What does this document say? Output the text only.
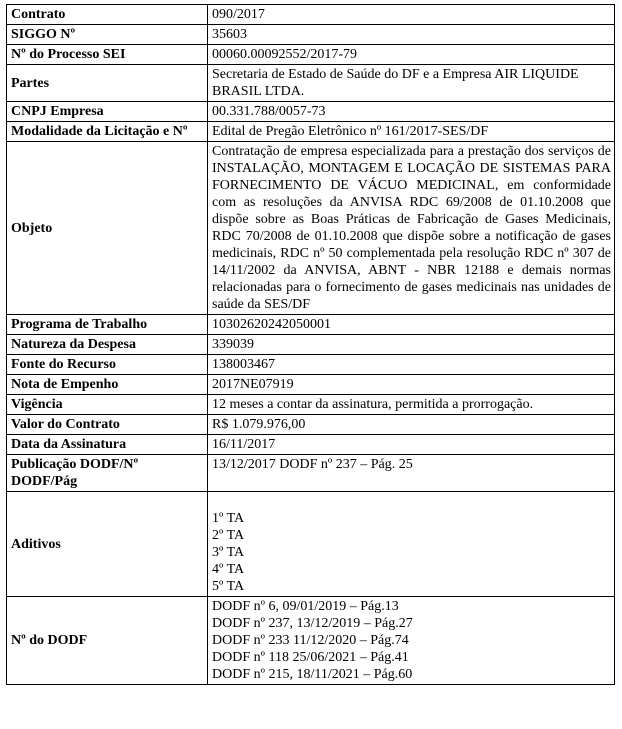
Contrato	090/2017
SIGGO Nº	35603
Nº do Processo SEI	00060.00092552/2017-79
Partes	Secretaria de Estado de Saúde do DF e a Empresa AIR LIQUIDE BRASIL LTDA.
CNPJ Empresa	00.331.788/0057-73
Modalidade da Licitação e Nº	Edital de Pregão Eletrônico nº 161/2017-SES/DF
Objeto	Contratação de empresa especializada para a prestação dos serviços de INSTALAÇÃO, MONTAGEM E LOCAÇÃO DE SISTEMAS PARA FORNECIMENTO DE VÁCUO MEDICINAL, em conformidade com as resoluções da ANVISA RDC 69/2008 de 01.10.2008 que dispõe sobre as Boas Práticas de Fabricação de Gases Medicinais, RDC 70/2008 de 01.10.2008 que dispõe sobre a notificação de gases medicinais, RDC nº 50 complementada pela resolução RDC nº 307 de 14/11/2002 da ANVISA, ABNT - NBR 12188 e demais normas relacionadas para o fornecimento de gases medicinais nas unidades de saúde da SES/DF
Programa de Trabalho	10302620242050001
Natureza da Despesa	339039
Fonte do Recurso	138003467
Nota de Empenho	2017NE07919
Vigência	12 meses a contar da assinatura, permitida a prorrogação.
Valor do Contrato	R$ 1.079.976,00
Data da Assinatura	16/11/2017
Publicação DODF/Nº DODF/Pág	13/12/2017 DODF nº 237 – Pág. 25
Aditivos	1º TA
2º TA
3º TA
4º TA
5º TA

Nº do DODF	DODF nº 6, 09/01/2019 – Pág.13
DODF nº 237, 13/12/2019 – Pág.27
DODF nº 233 11/12/2020 – Pág.74
DODF nº 118 25/06/2021 – Pág.41
DODF nº 215, 18/11/2021 – Pág.60
